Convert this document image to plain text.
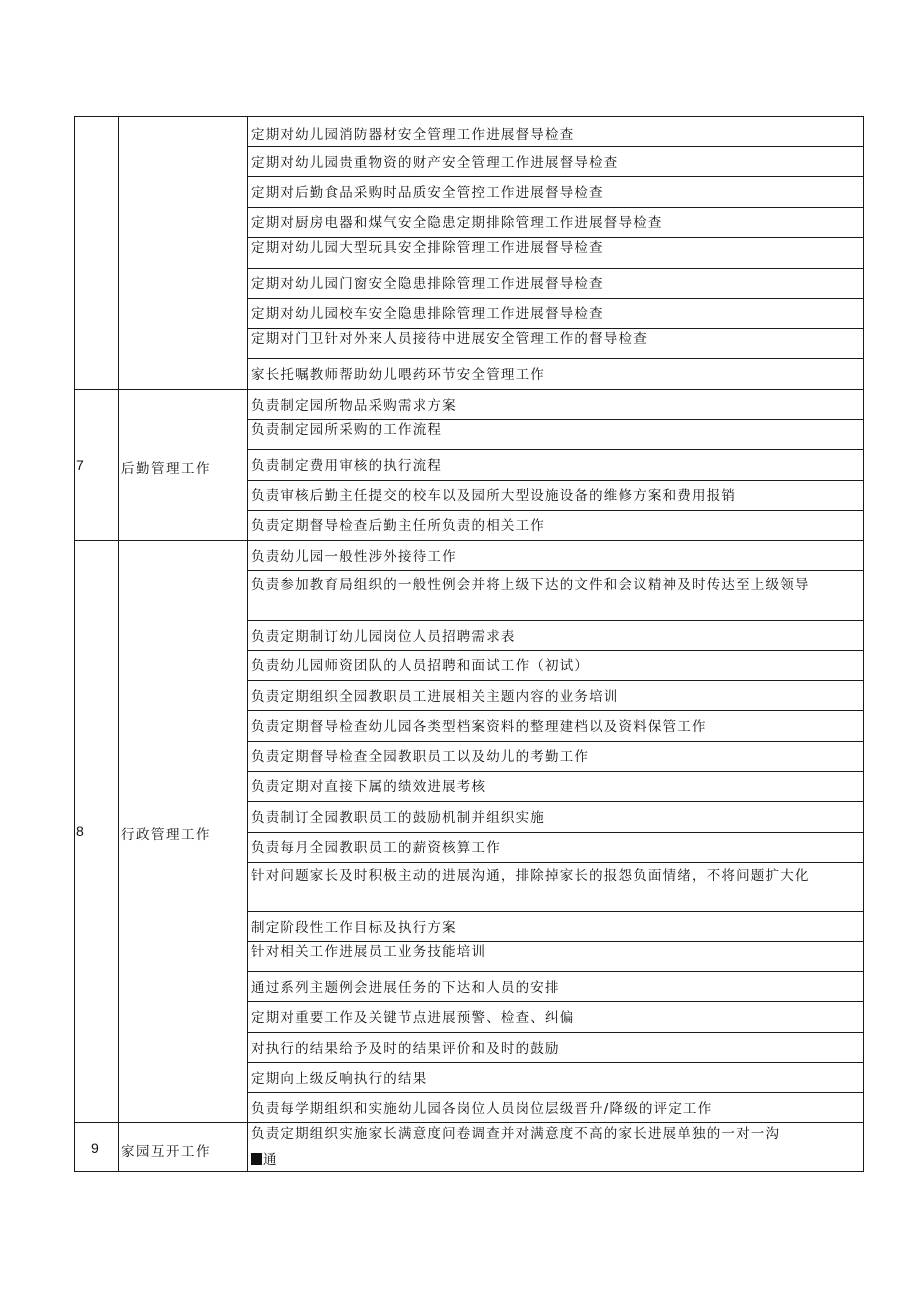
定期对幼儿园消防器材安全管理工作进展督导检查
定期对幼儿园贵重物资的财产安全管理工作进展督导检查
定期对后勤食品采购时品质安全管控工作进展督导检查
定期对厨房电器和煤气安全隐患定期排除管理工作进展督导检查
定期对幼儿园大型玩具安全排除管理工作进展督导检查
定期对幼儿园门窗安全隐患排除管理工作进展督导检查
定期对幼儿园校车安全隐患排除管理工作进展督导检查
定期对门卫针对外来人员接待中进展安全管理工作的督导检查
家长托嘱教师帮助幼儿喂药环节安全管理工作
7	后勤管理工作
负责制定园所物品采购需求方案
负责制定园所采购的工作流程
负责制定费用审核的执行流程
负责审核后勤主任提交的校车以及园所大型设施设备的维修方案和费用报销
负责定期督导检查后勤主任所负责的相关工作
8	行政管理工作
负责幼儿园一般性涉外接待工作
负责参加教育局组织的一般性例会并将上级下达的文件和会议精神及时传达至上级领导
负责定期制订幼儿园岗位人员招聘需求表
负责幼儿园师资团队的人员招聘和面试工作（初试）
负责定期组织全园教职员工进展相关主题内容的业务培训
负责定期督导检查幼儿园各类型档案资料的整理建档以及资料保管工作
负责定期督导检查全园教职员工以及幼儿的考勤工作
负责定期对直接下属的绩效进展考核
负责制订全园教职员工的鼓励机制并组织实施
负责每月全园教职员工的薪资核算工作
针对问题家长及时积极主动的进展沟通，排除掉家长的报怨负面情绪，不将问题扩大化
制定阶段性工作目标及执行方案
针对相关工作进展员工业务技能培训
通过系列主题例会进展任务的下达和人员的安排
定期对重要工作及关键节点进展预警、检查、纠偏
对执行的结果给予及时的结果评价和及时的鼓励
定期向上级反响执行的结果
负责每学期组织和实施幼儿园各岗位人员岗位层级晋升/降级的评定工作
9 家园互开工作
负责定期组织实施家长满意度问卷调查并对满意度不高的家长进展单独的一对一沟
通
